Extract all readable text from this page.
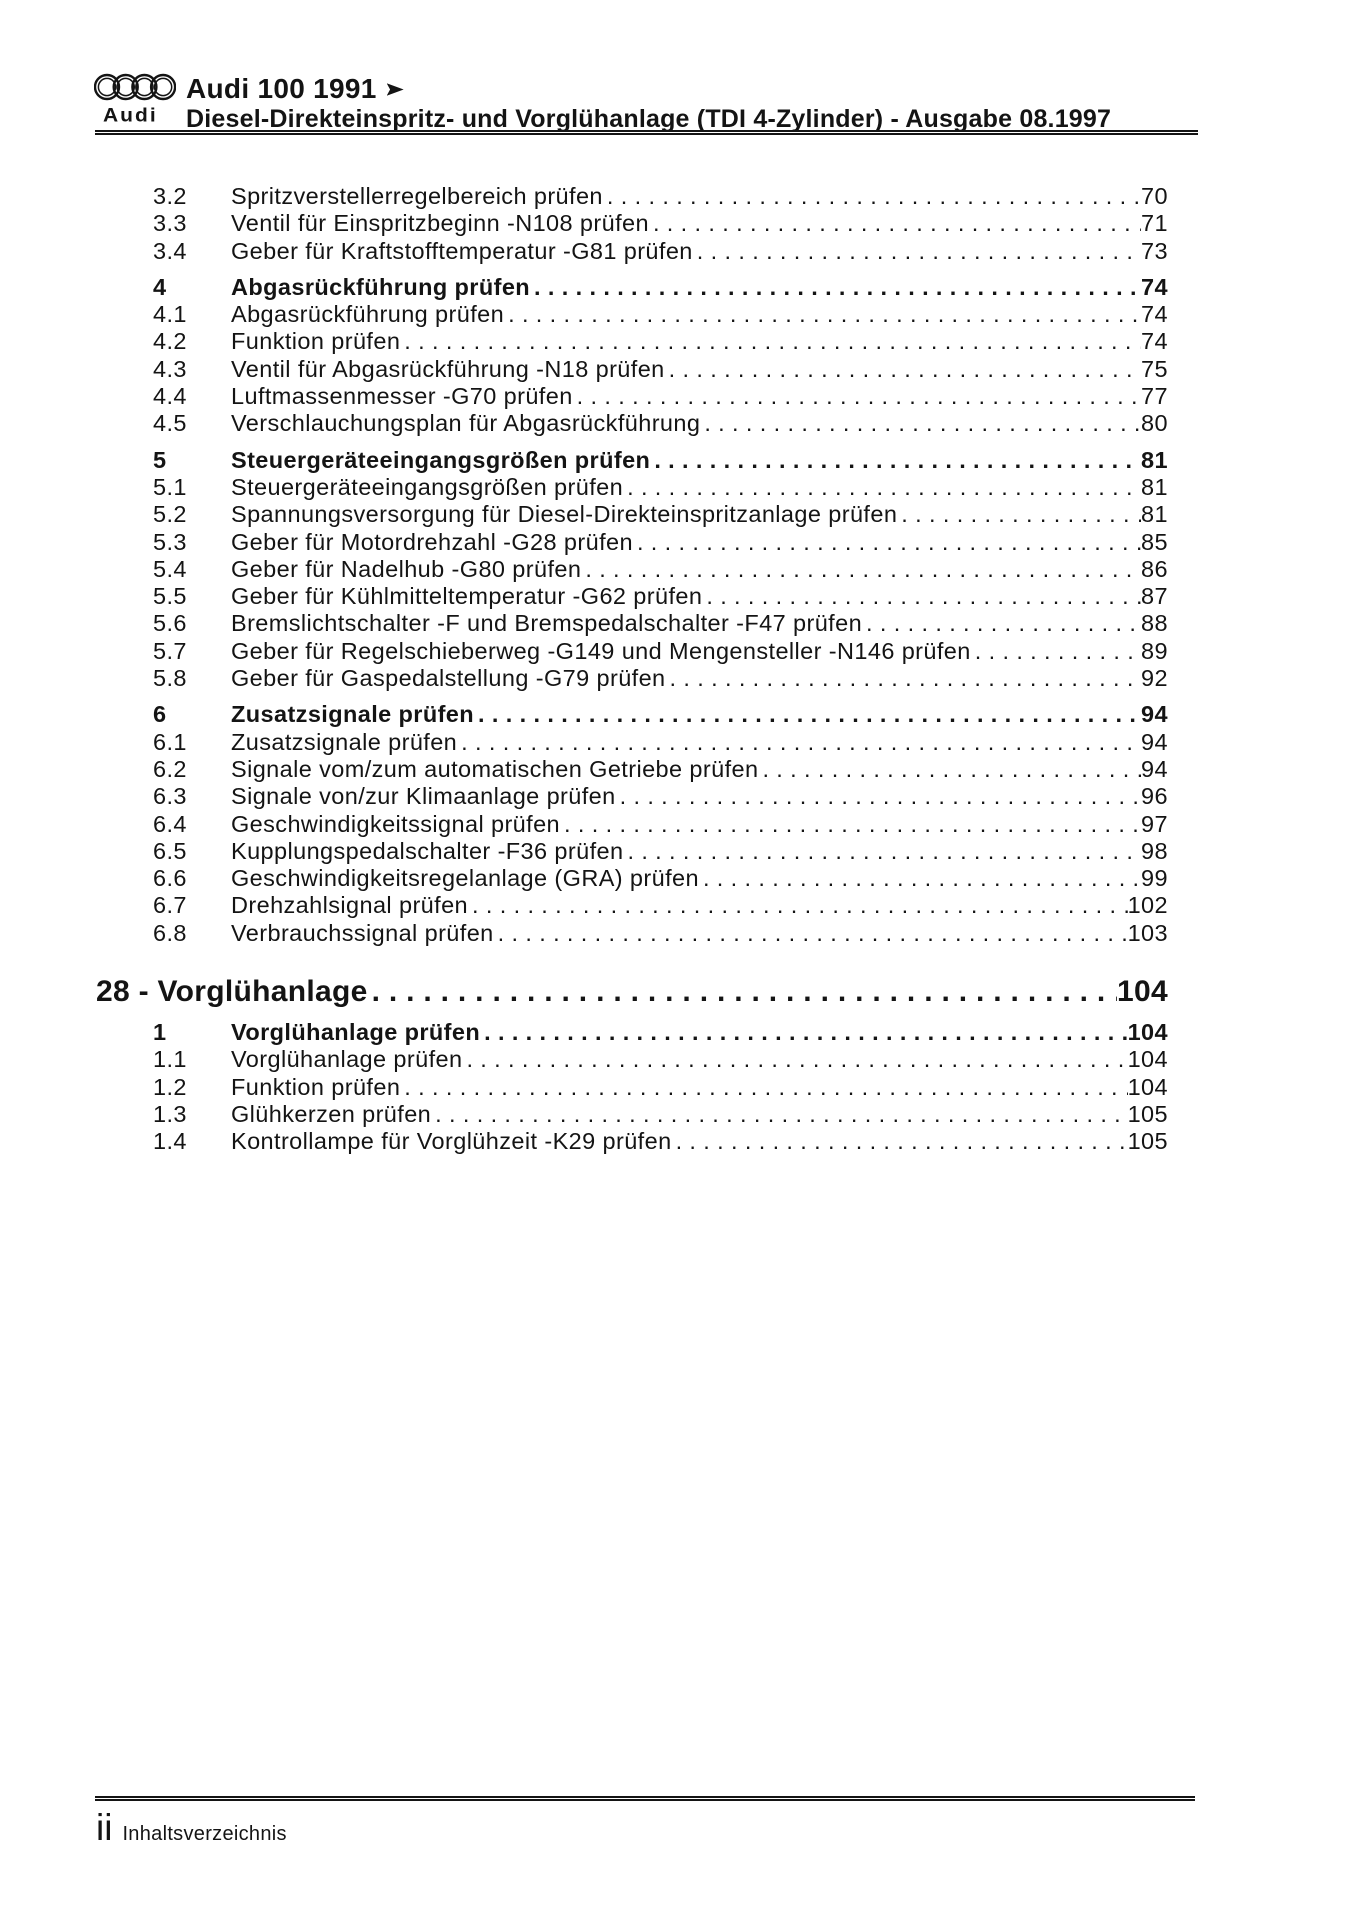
Audi
Audi 100 1991
Diesel-Direkteinspritz- und Vorglühanlage (TDI 4-Zylinder) - Ausgabe 08.1997
3.2	Spritzverstellerregelbereich prüfen . . .	70
3.3	Ventil für Einspritzbeginn -N108 prüfen . . .	71
3.4	Geber für Kraftstofftemperatur -G81 prüfen . . .	73
4	Abgasrückführung prüfen . . .	74
4.1	Abgasrückführung prüfen . . .	74
4.2	Funktion prüfen . . .	74
4.3	Ventil für Abgasrückführung -N18 prüfen . . .	75
4.4	Luftmassenmesser -G70 prüfen . . .	77
4.5	Verschlauchungsplan für Abgasrückführung . . .	80
5	Steuergeräteeingangsgrößen prüfen . . .	81
5.1	Steuergeräteeingangsgrößen prüfen . . .	81
5.2	Spannungsversorgung für Diesel-Direkteinspritzanlage prüfen . . .	81
5.3	Geber für Motordrehzahl -G28 prüfen . . .	85
5.4	Geber für Nadelhub -G80 prüfen . . .	86
5.5	Geber für Kühlmitteltemperatur -G62 prüfen . . .	87
5.6	Bremslichtschalter -F und Bremspedalschalter -F47 prüfen . . .	88
5.7	Geber für Regelschieberweg -G149 und Mengensteller -N146 prüfen . . .	89
5.8	Geber für Gaspedalstellung -G79 prüfen . . .	92
6	Zusatzsignale prüfen . . .	94
6.1	Zusatzsignale prüfen . . .	94
6.2	Signale vom/zum automatischen Getriebe prüfen . . .	94
6.3	Signale von/zur Klimaanlage prüfen . . .	96
6.4	Geschwindigkeitssignal prüfen . . .	97
6.5	Kupplungspedalschalter -F36 prüfen . . .	98
6.6	Geschwindigkeitsregelanlage (GRA) prüfen . . .	99
6.7	Drehzahlsignal prüfen . . .	102
6.8	Verbrauchssignal prüfen . . .	103
28 - Vorglühanlage . . .	104
1	Vorglühanlage prüfen . . .	104
1.1	Vorglühanlage prüfen . . .	104
1.2	Funktion prüfen . . .	104
1.3	Glühkerzen prüfen . . .	105
1.4	Kontrollampe für Vorglühzeit -K29 prüfen . . .	105
ii Inhaltsverzeichnis
